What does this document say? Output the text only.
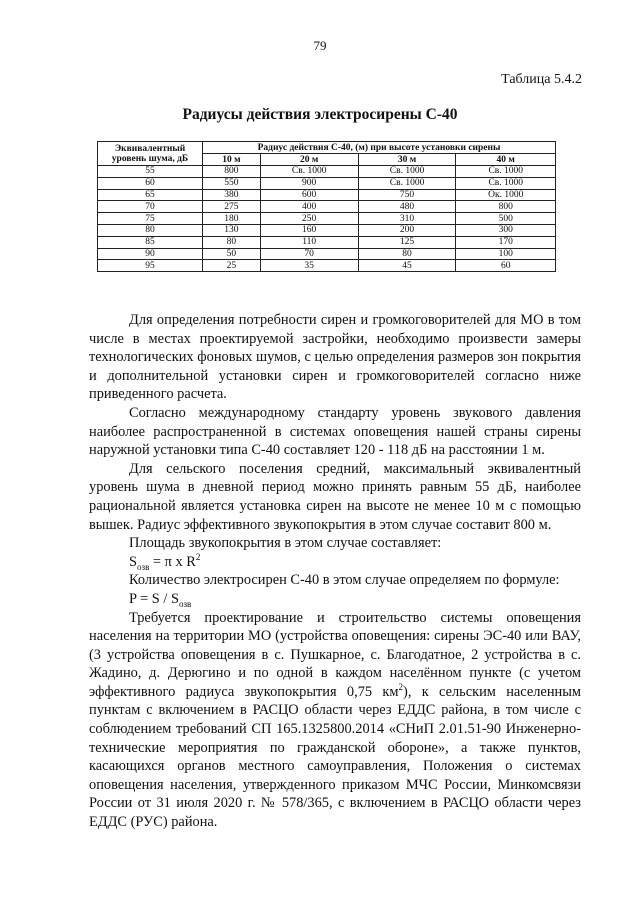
79
Таблица 5.4.2
Радиусы действия электросирены С-40
Эквивалентный
уровень шума, дБ	Радиус действия С-40, (м) при высоте установки сирены			
	10 м	20 м	30 м	40 м
55	800	Св. 1000	Св. 1000	Св. 1000
60	550	900	Св. 1000	Св. 1000
65	380	600	750	Ок. 1000
70	275	400	480	800
75	180	250	310	500
80	130	160	200	300
85	80	110	125	170
90	50	70	80	100
95	25	35	45	60

Для определения потребности сирен и громкоговорителей для МО в том числе в местах проектируемой застройки, необходимо произвести замеры технологических фоновых шумов, с целью определения размеров зон покрытия и дополнительной установки сирен и громкоговорителей согласно ниже приведенного расчета.

Согласно международному стандарту уровень звукового давления наиболее распространенной в системах оповещения нашей страны сирены наружной установки типа С-40 составляет 120 - 118 дБ на расстоянии 1 м.

Для сельского поселения средний, максимальный эквивалентный уровень шума в дневной период можно принять равным 55 дБ, наиболее рациональной является установка сирен на высоте не менее 10 м с помощью вышек. Радиус эффективного звукопокрытия в этом случае составит 800 м.

Площадь звукопокрытия в этом случае составляет:

$S_{озв} = \pi$ x $R^2$

Количество электросирен С-40 в этом случае определяем по формуле:

$P = S / S_{озв}$

Требуется проектирование и строительство системы оповещения населения на территории МО (устройства оповещения: сирены ЭС-40 или ВАУ, (3 устройства оповещения в с. Пушкарное, с. Благодатное, 2 устройства в с. Жадино, д. Дерюгино и по одной в каждом населённом пункте (с учетом эффективного радиуса звукопокрытия 0,75 $км^2$), к сельским населенным пунктам с включением в РАСЦО области через ЕДДС района, в том числе с соблюдением требований СП 165.1325800.2014 «СНиП 2.01.51-90 Инженерно-технические мероприятия по гражданской обороне», а также пунктов, касающихся органов местного самоуправления, Положения о системах оповещения населения, утвержденного приказом МЧС России, Минкомсвязи России от 31 июля 2020 г. № 578/365, с включением в РАСЦО области через ЕДДС (РУС) района.
